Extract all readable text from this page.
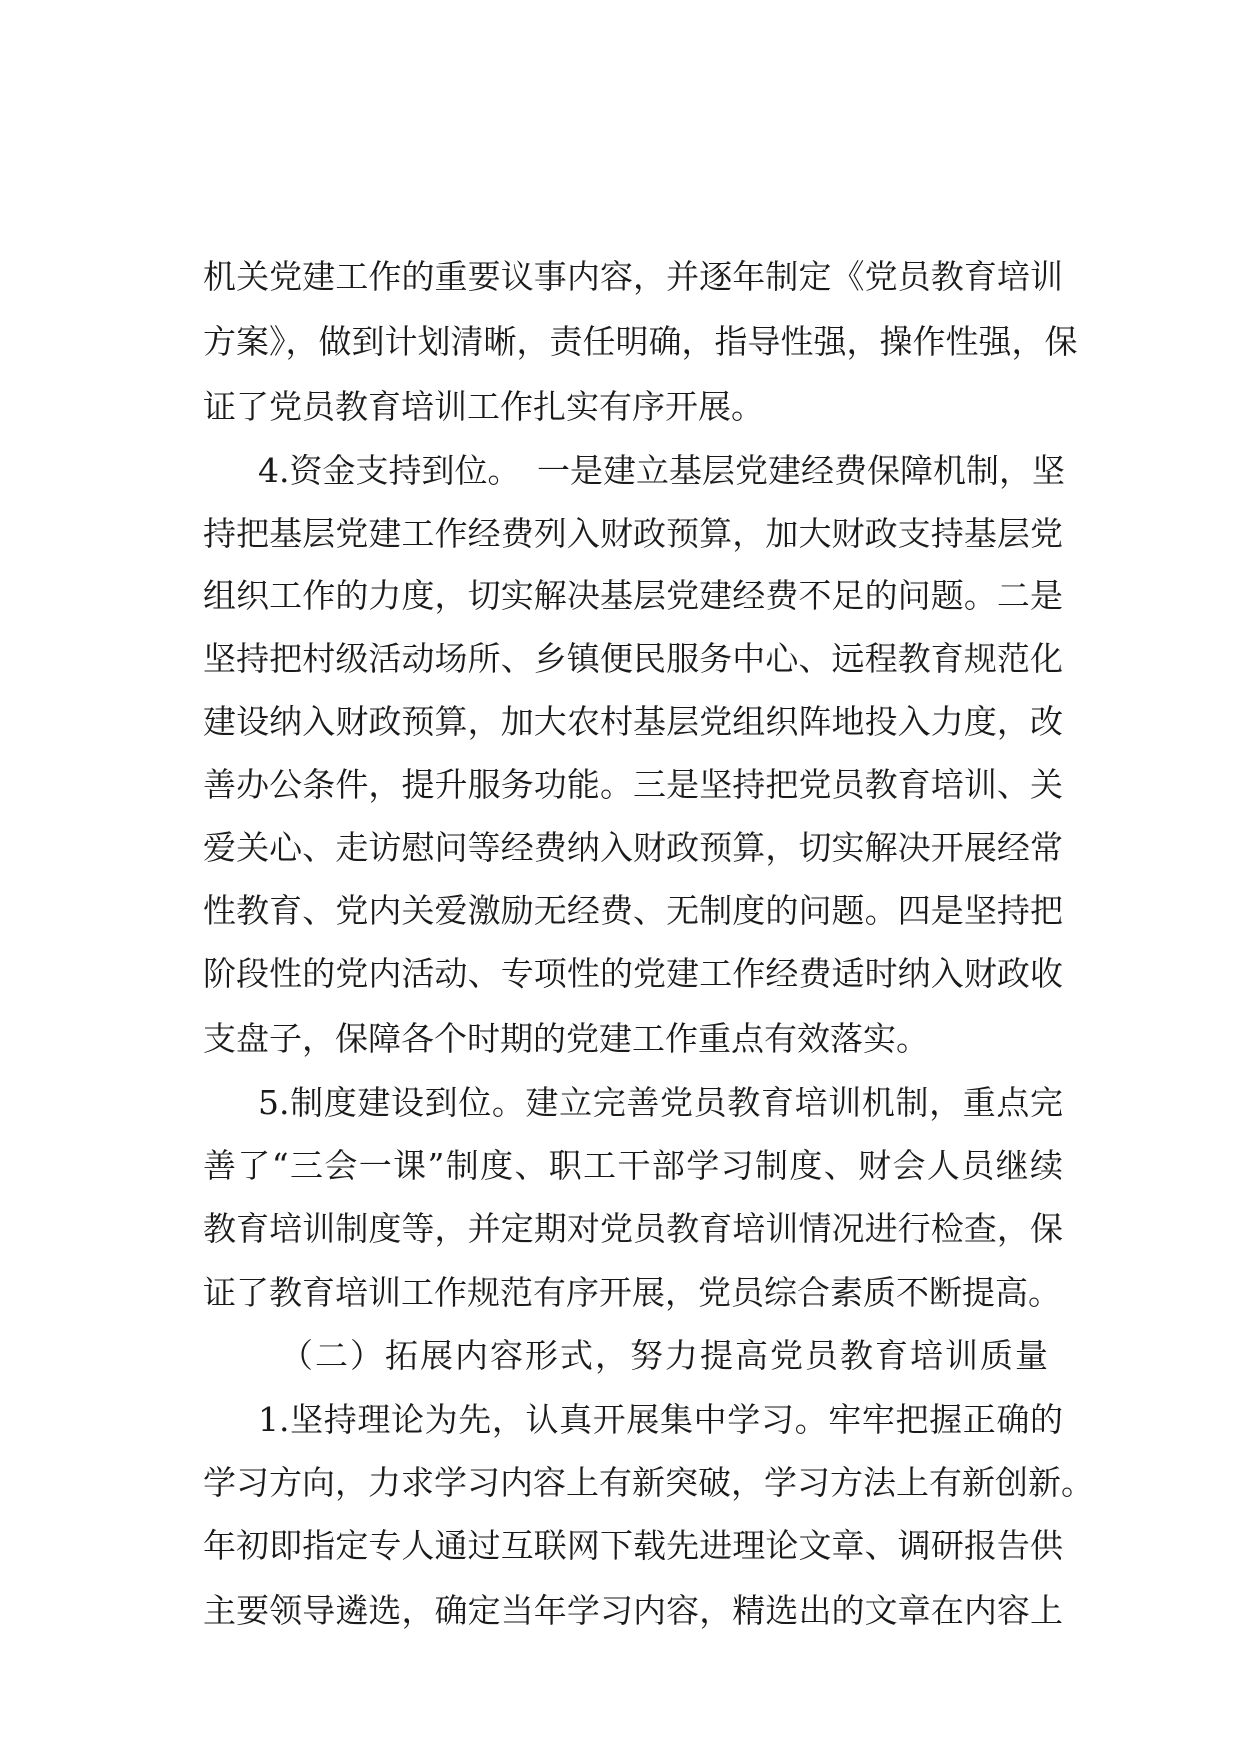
机关党建工作的重要议事内容，并逐年制定《党员教育培训
方案》，做到计划清晰，责任明确，指导性强，操作性强，保
证了党员教育培训工作扎实有序开展。
4.资金支持到位。　一是建立基层党建经费保障机制，坚
持把基层党建工作经费列入财政预算，加大财政支持基层党
组织工作的力度，切实解决基层党建经费不足的问题。二是
坚持把村级活动场所、乡镇便民服务中心、远程教育规范化
建设纳入财政预算，加大农村基层党组织阵地投入力度，改
善办公条件，提升服务功能。三是坚持把党员教育培训、关
爱关心、走访慰问等经费纳入财政预算，切实解决开展经常
性教育、党内关爱激励无经费、无制度的问题。四是坚持把
阶段性的党内活动、专项性的党建工作经费适时纳入财政收
支盘子，保障各个时期的党建工作重点有效落实。
5.制度建设到位。建立完善党员教育培训机制，重点完
善了“三会一课”制度、职工干部学习制度、财会人员继续
教育培训制度等，并定期对党员教育培训情况进行检查，保
证了教育培训工作规范有序开展，党员综合素质不断提高。
（二）拓展内容形式，努力提高党员教育培训质量
1.坚持理论为先，认真开展集中学习。牢牢把握正确的
学习方向，力求学习内容上有新突破，学习方法上有新创新。
年初即指定专人通过互联网下载先进理论文章、调研报告供
主要领导遴选，确定当年学习内容，精选出的文章在内容上
